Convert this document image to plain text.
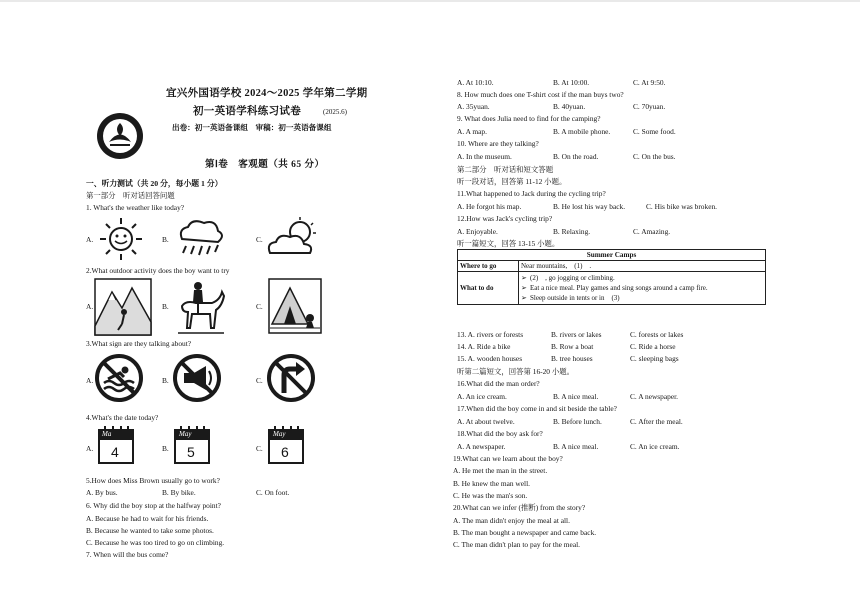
宜兴外国语学校 2024～2025 学年第二学期
初一英语学科练习试卷	(2025.6)
出卷：初一英语备课组　审稿：初一英语备课组
第Ⅰ卷　客观题（共 65 分）
一、听力测试（共 20 分，每小题 1 分）
第一部分　听对话回答问题
1. What's the weather like today?
A.	B.	C.
2.What outdoor activity does the boy want to try
A.	B.	C.
3.What sign are they talking about?
A.	B.	C.
4.What's the date today?
A.
Ma
4	B.
May
5	C.
May
6
5.How does Miss Brown usually go to work?
A. By bus.	B. By bike.	C. On foot.
6. Why did the boy stop at the halfway point?
A. Because he had to wait for his friends.
B. Because he wanted to take some photos.
C. Because he was too tired to go on climbing.
7. When will the bus come?
A. At 10:10.	B. At 10:00.	C. At 9:50.
8. How much does one T-shirt cost if the man buys two?
A. 35yuan.	B. 40yuan.	C. 70yuan.
9. What does Julia need to find for the camping?
A. A map.	B. A mobile phone.	C. Some food.
10. Where are they talking?
A. In the museum.	B. On the road.	C. On the bus.
第二部分　听对话和短文答题
听一段对话，回答第 11-12 小题。
11.What happened to Jack during the cycling trip?
A. He forgot his map.	B. He lost his way back.	C. His bike was broken.
12.How was Jack's cycling trip?
A. Enjoyable.	B. Relaxing.	C. Amazing.
听一篇短文，回答 13-15 小题。
Summer Camps	
Where to go	Near mountains,　(1)　.
What to do	➢ (2)　, go jogging or climbing.
➢ Eat a nice meal. Play games and sing songs around a camp fire.
➢ Sleep outside in tents or in　(3)
13. A. rivers or forests	B. rivers or lakes	C. forests or lakes
14. A. Ride a bike	B. Row a boat	C. Ride a horse
15. A. wooden houses	B. tree houses	C. sleeping bags
听第二篇短文，回答第 16-20 小题。
16.What did the man order?
A. An ice cream.	B. A nice meal.	C. A newspaper.
17.When did the boy come in and sit beside the table?
A. At about twelve.	B. Before lunch.	C. After the meal.
18.What did the boy ask for?
A. A newspaper.	B. A nice meal.	C. An ice cream.
19.What can we learn about the boy?
A. He met the man in the street.
B. He knew the man well.
C. He was the man's son.
20.What can we infer (推断) from the story?
A. The man didn't enjoy the meal at all.
B. The man bought a newspaper and came back.
C. The man didn't plan to pay for the meal.
